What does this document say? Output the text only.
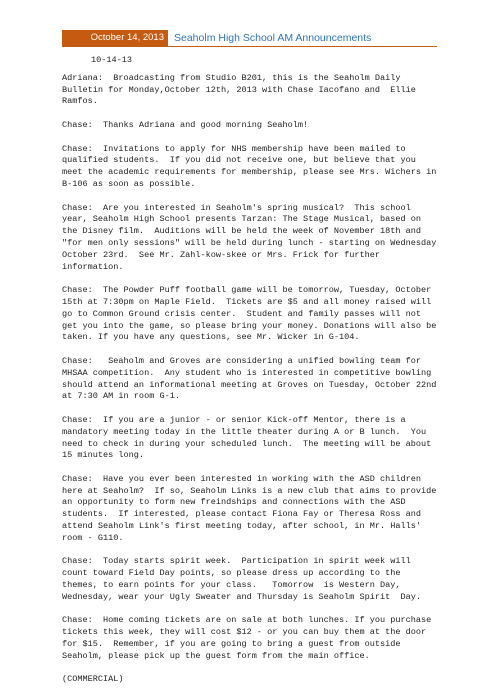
October 14, 2013 Seaholm High School AM Announcements
10-14-13
Adriana:  Broadcasting from Studio B201, this is the Seaholm Daily
Bulletin for Monday,October 12th, 2013 with Chase Iacofano and  Ellie
Ramfos.
Chase:  Thanks Adriana and good morning Seaholm!
Chase:  Invitations to apply for NHS membership have been mailed to
qualified students.  If you did not receive one, but believe that you
meet the academic requirements for membership, please see Mrs. Wichers in
B-106 as soon as possible.
Chase:  Are you interested in Seaholm's spring musical?  This school
year, Seaholm High School presents Tarzan: The Stage Musical, based on
the Disney film.  Auditions will be held the week of November 18th and
"for men only sessions" will be held during lunch - starting on Wednesday
October 23rd.  See Mr. Zahl-kow-skee or Mrs. Frick for further
information.
Chase:  The Powder Puff football game will be tomorrow, Tuesday, October
15th at 7:30pm on Maple Field.  Tickets are $5 and all money raised will
go to Common Ground crisis center.  Student and family passes will not
get you into the game, so please bring your money. Donations will also be
taken. If you have any questions, see Mr. Wicker in G-104.
Chase:   Seaholm and Groves are considering a unified bowling team for
MHSAA competition.  Any student who is interested in competitive bowling
should attend an informational meeting at Groves on Tuesday, October 22nd
at 7:30 AM in room G-1.
Chase:  If you are a junior - or senior Kick-off Mentor, there is a
mandatory meeting today in the little theater during A or B lunch.  You
need to check in during your scheduled lunch.  The meeting will be about
15 minutes long.
Chase:  Have you ever been interested in working with the ASD children
here at Seaholm?  If so, Seaholm Links is a new club that aims to provide
an opportunity to form new freindships and connections with the ASD
students.  If interested, please contact Fiona Fay or Theresa Ross and
attend Seaholm Link's first meeting today, after school, in Mr. Halls'
room - G110.
Chase:  Today starts spirit week.  Participation in spirit week will
count toward Field Day points, so please dress up according to the
themes, to earn points for your class.   Tomorrow  is Western Day,
Wednesday, wear your Ugly Sweater and Thursday is Seaholm Spirit  Day.
Chase:  Home coming tickets are on sale at both lunches. If you purchase
tickets this week, they will cost $12 - or you can buy them at the door
for $15.  Remember, if you are going to bring a guest from outside
Seaholm, please pick up the guest form from the main office.
(COMMERCIAL)
